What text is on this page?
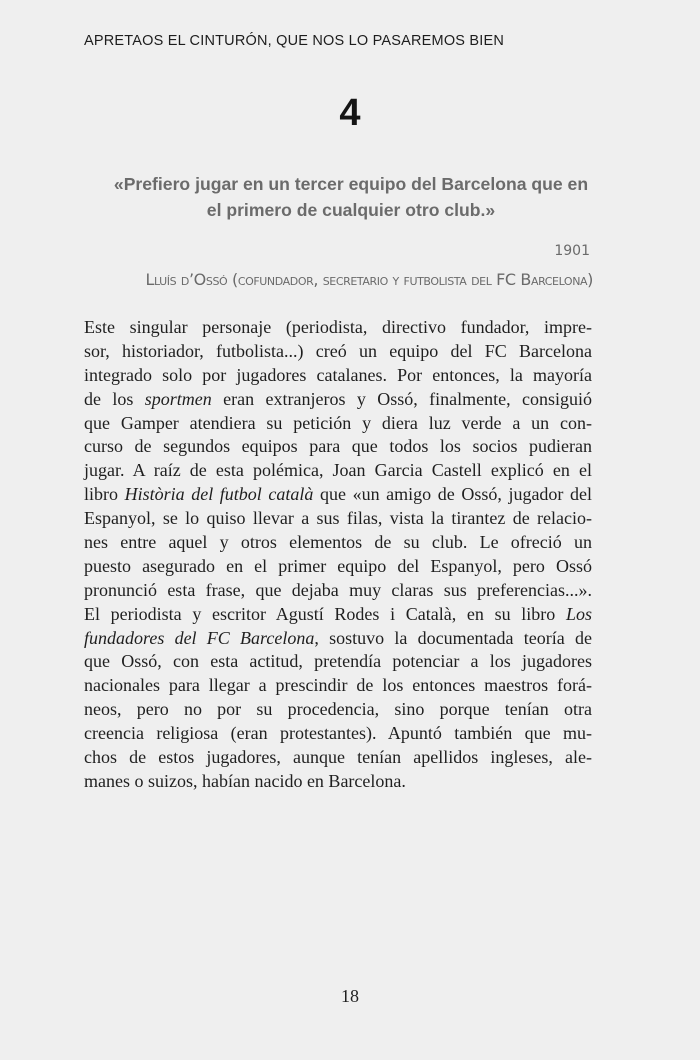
APRETAOS EL CINTURÓN, QUE NOS LO PASAREMOS BIEN
4
«Prefiero jugar en un tercer equipo del Barcelona que en
el primero de cualquier otro club.»
1901
Lluís d’Ossó (cofundador, secretario y futbolista del FC Barcelona)
Este singular personaje (periodista, directivo fundador, impre-
sor, historiador, futbolista...) creó un equipo del FC Barcelona
integrado solo por jugadores catalanes. Por entonces, la mayoría
de los sportmen eran extranjeros y Ossó, finalmente, consiguió
que Gamper atendiera su petición y diera luz verde a un con-
curso de segundos equipos para que todos los socios pudieran
jugar. A raíz de esta polémica, Joan Garcia Castell explicó en el
libro Història del futbol català que «un amigo de Ossó, jugador del
Espanyol, se lo quiso llevar a sus filas, vista la tirantez de relacio-
nes entre aquel y otros elementos de su club. Le ofreció un
puesto asegurado en el primer equipo del Espanyol, pero Ossó
pronunció esta frase, que dejaba muy claras sus preferencias...».
El periodista y escritor Agustí Rodes i Català, en su libro Los
fundadores del FC Barcelona, sostuvo la documentada teoría de
que Ossó, con esta actitud, pretendía potenciar a los jugadores
nacionales para llegar a prescindir de los entonces maestros forá-
neos, pero no por su procedencia, sino porque tenían otra
creencia religiosa (eran protestantes). Apuntó también que mu-
chos de estos jugadores, aunque tenían apellidos ingleses, ale-
manes o suizos, habían nacido en Barcelona.
18
